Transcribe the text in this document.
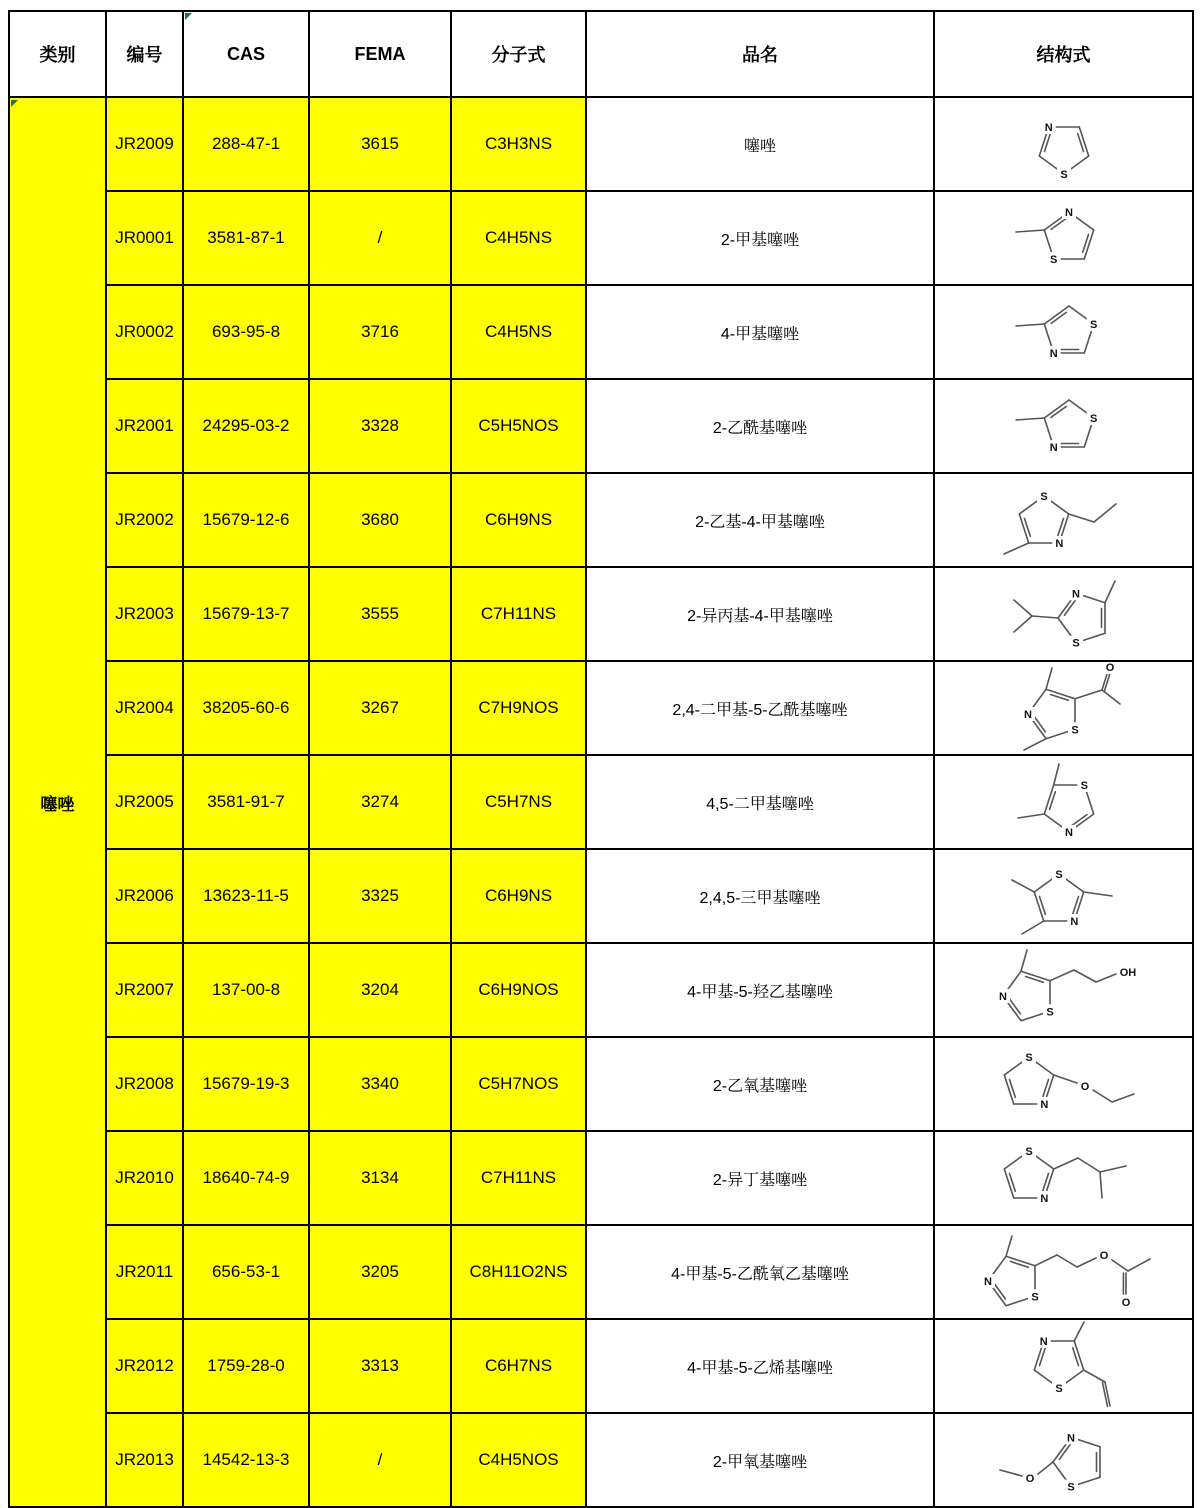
类别	编号	CAS	FEMA	分子式	品名	结构式
噻唑	JR2009	288-47-1	3615	C3H3NS	噻唑	N
S

	JR0001	3581-87-1	/	C4H5NS	2-甲基噻唑	N
S

	JR0002	693-95-8	3716	C4H5NS	4-甲基噻唑	S
N

	JR2001	24295-03-2	3328	C5H5NOS	2-乙酰基噻唑	S
N

	JR2002	15679-12-6	3680	C6H9NS	2-乙基-4-甲基噻唑	S
N

	JR2003	15679-13-7	3555	C7H11NS	2-异丙基-4-甲基噻唑	N
S

	JR2004	38205-60-6	3267	C7H9NOS	2,4-二甲基-5-乙酰基噻唑	N
S
O

	JR2005	3581-91-7	3274	C5H7NS	4,5-二甲基噻唑	S
N

	JR2006	13623-11-5	3325	C6H9NS	2,4,5-三甲基噻唑	S
N

	JR2007	137-00-8	3204	C6H9NOS	4-甲基-5-羟乙基噻唑	N
S
OH

	JR2008	15679-19-3	3340	C5H7NOS	2-乙氧基噻唑	S
N
O

	JR2010	18640-74-9	3134	C7H11NS	2-异丁基噻唑	S
N

	JR2011	656-53-1	3205	C8H11O2NS	4-甲基-5-乙酰氧乙基噻唑	N
S
O
O

	JR2012	1759-28-0	3313	C6H7NS	4-甲基-5-乙烯基噻唑	N
S

	JR2013	14542-13-3	/	C4H5NOS	2-甲氧基噻唑	N
S
O
